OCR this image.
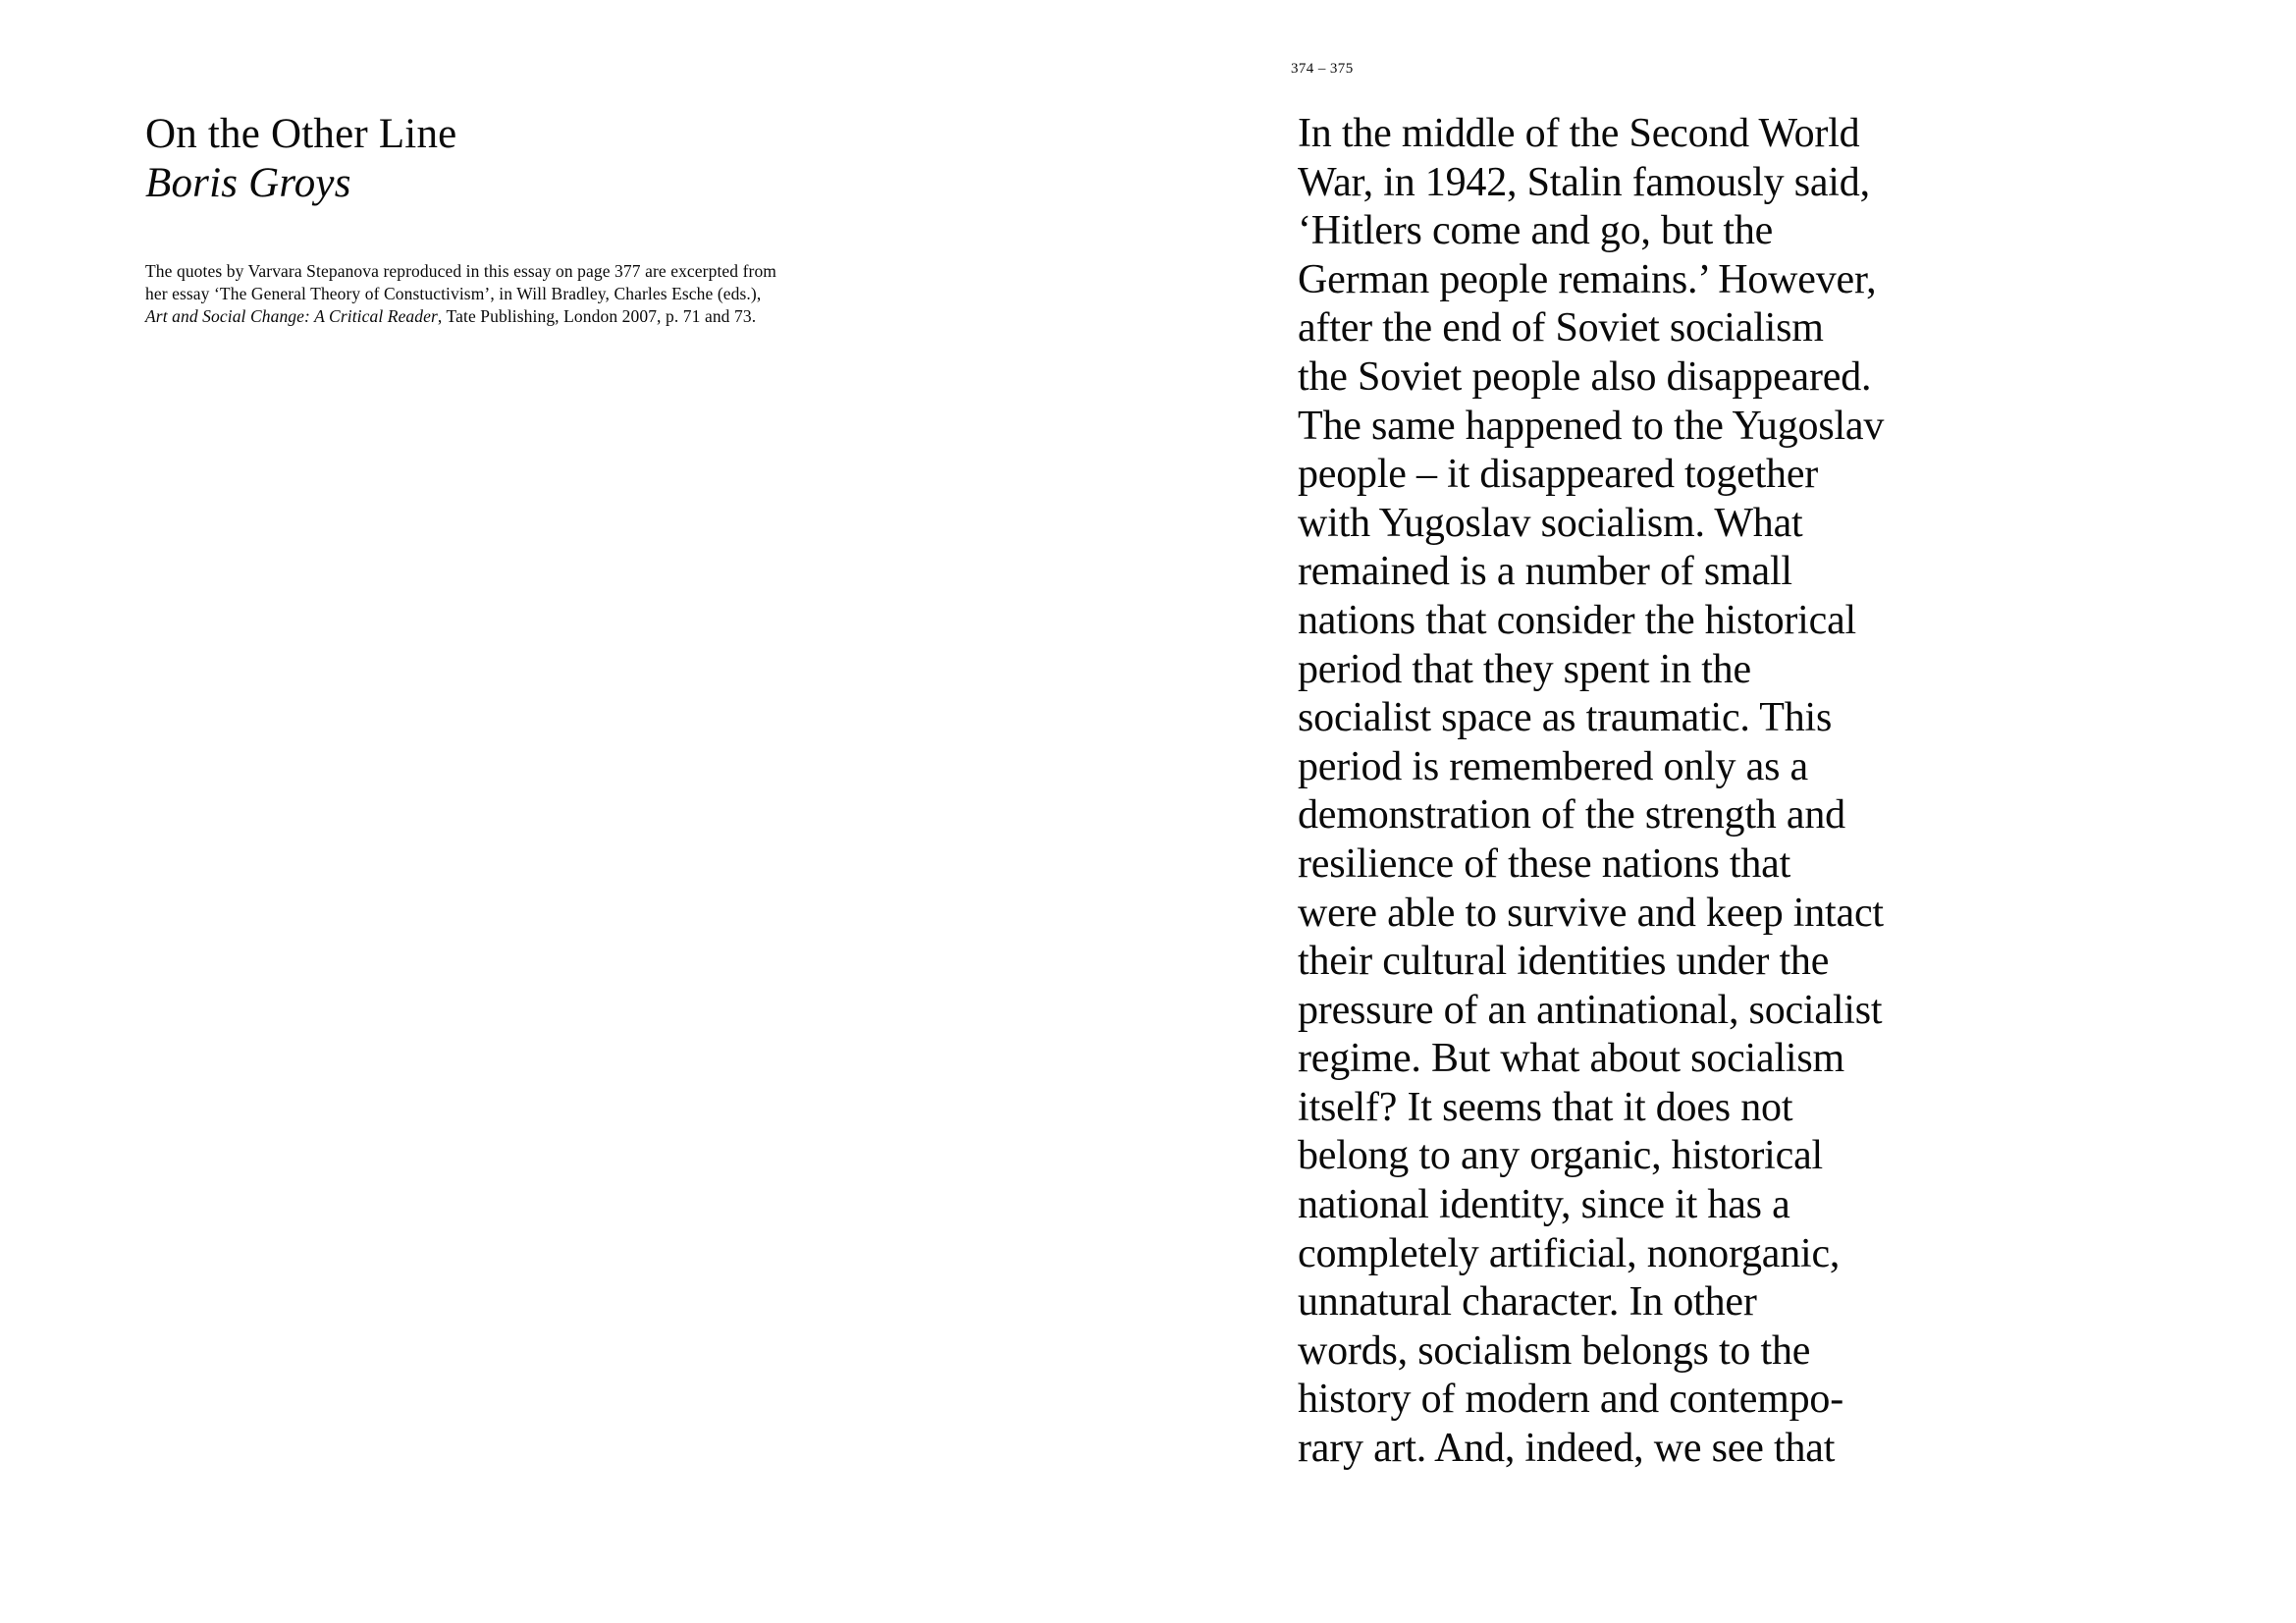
On the Other Line
Boris Groys
The quotes by Varvara Stepanova reproduced in this essay on page 377 are excerpted from
her essay ‘The General Theory of Constuctivism’, in Will Bradley, Charles Esche (eds.),
Art and Social Change: A Critical Reader, Tate Publishing, London 2007, p. 71 and 73.
374 – 375
In the middle of the Second World
War, in 1942, Stalin famously said,
‘Hitlers come and go, but the
German people remains.’ However,
after the end of Soviet socialism
the Soviet people also disappeared.
The same happened to the Yugoslav
people – it disappeared together
with Yugoslav socialism. What
remained is a number of small
nations that consider the historical
period that they spent in the
socialist space as traumatic. This
period is remembered only as a
demonstration of the strength and
resilience of these nations that
were able to survive and keep intact
their cultural identities under the
pressure of an antinational, socialist
regime. But what about socialism
itself? It seems that it does not
belong to any organic, historical
national identity, since it has a
completely artificial, nonorganic,
unnatural character. In other
words, socialism belongs to the
history of modern and contempo-
rary art. And, indeed, we see that
